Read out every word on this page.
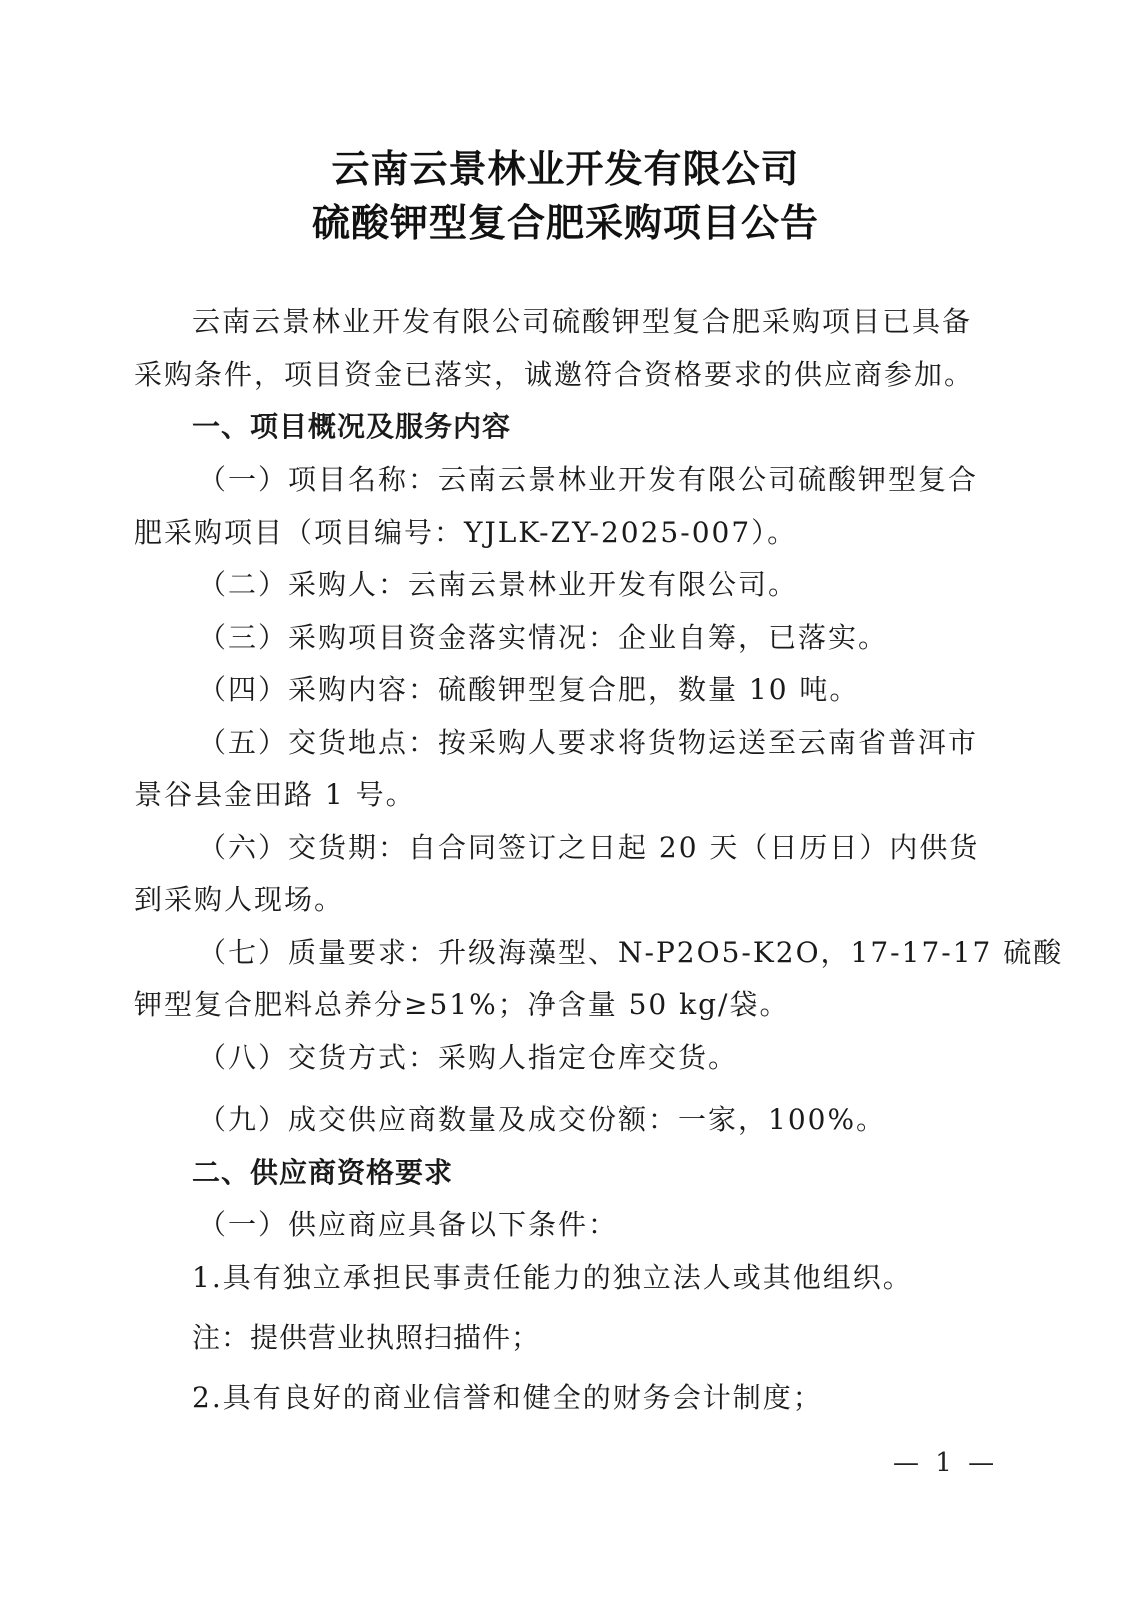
云南云景林业开发有限公司
硫酸钾型复合肥采购项目公告
云南云景林业开发有限公司硫酸钾型复合肥采购项目已具备
采购条件，项目资金已落实，诚邀符合资格要求的供应商参加。
一、项目概况及服务内容
（一）项目名称：云南云景林业开发有限公司硫酸钾型复合
肥采购项目（项目编号：YJLK-ZY-2025-007）。
（二）采购人：云南云景林业开发有限公司。
（三）采购项目资金落实情况：企业自筹，已落实。
（四）采购内容：硫酸钾型复合肥，数量 10 吨。
（五）交货地点：按采购人要求将货物运送至云南省普洱市
景谷县金田路 1 号。
（六）交货期：自合同签订之日起 20 天（日历日）内供货
到采购人现场。
（七）质量要求：升级海藻型、N-P2O5-K2O，17-17-17 硫酸
钾型复合肥料总养分≥51%；净含量 50 kg/袋。
（八）交货方式：采购人指定仓库交货。
（九）成交供应商数量及成交份额：一家，100%。
二、供应商资格要求
（一）供应商应具备以下条件：
1.具有独立承担民事责任能力的独立法人或其他组织。
注：提供营业执照扫描件；
2.具有良好的商业信誉和健全的财务会计制度；
— 1 —
